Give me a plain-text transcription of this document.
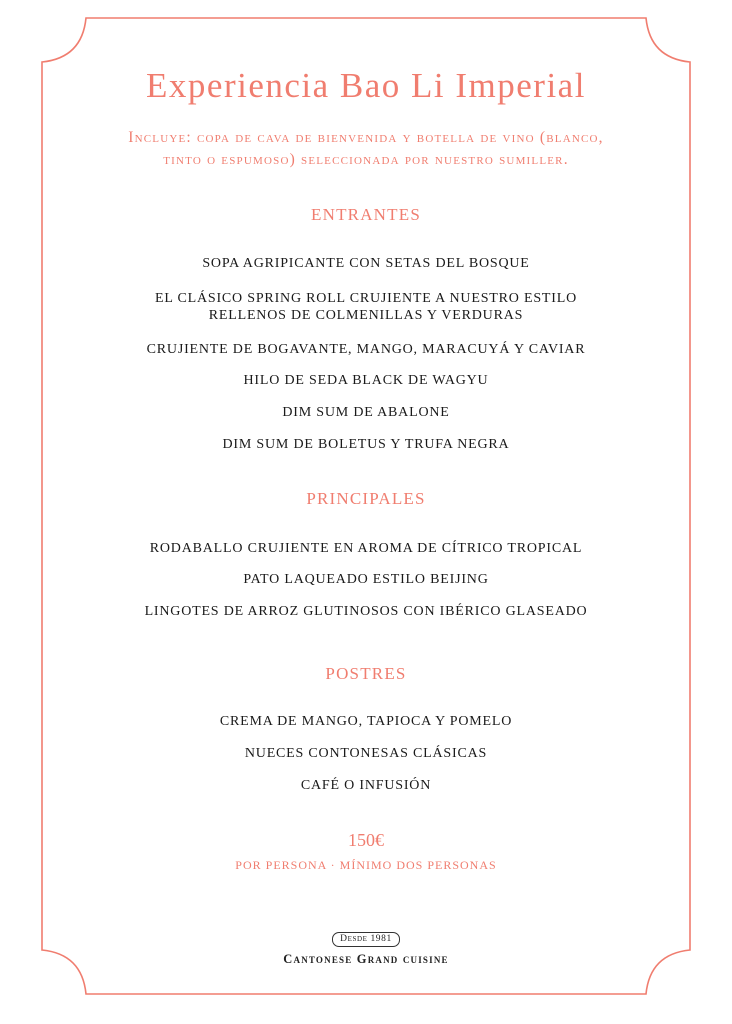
Experiencia Bao Li Imperial
Incluye: copa de cava de bienvenida y botella de vino (blanco,
tinto o espumoso) seleccionada por nuestro sumiller.
ENTRANTES
SOPA AGRIPICANTE CON SETAS DEL BOSQUE
EL CLÁSICO SPRING ROLL CRUJIENTE A NUESTRO ESTILO
RELLENOS DE COLMENILLAS Y VERDURAS
CRUJIENTE DE BOGAVANTE, MANGO, MARACUYÁ Y CAVIAR
HILO DE SEDA BLACK DE WAGYU
DIM SUM DE ABALONE
DIM SUM DE BOLETUS Y TRUFA NEGRA
PRINCIPALES
RODABALLO CRUJIENTE EN AROMA DE CÍTRICO TROPICAL
PATO LAQUEADO ESTILO BEIJING
LINGOTES DE ARROZ GLUTINOSOS CON IBÉRICO GLASEADO
POSTRES
CREMA DE MANGO, TAPIOCA Y POMELO
NUECES CONTONESAS CLÁSICAS
CAFÉ O INFUSIÓN
150€
POR PERSONA · MÍNIMO DOS PERSONAS
Desde 1981
Cantonese Grand cuisine
